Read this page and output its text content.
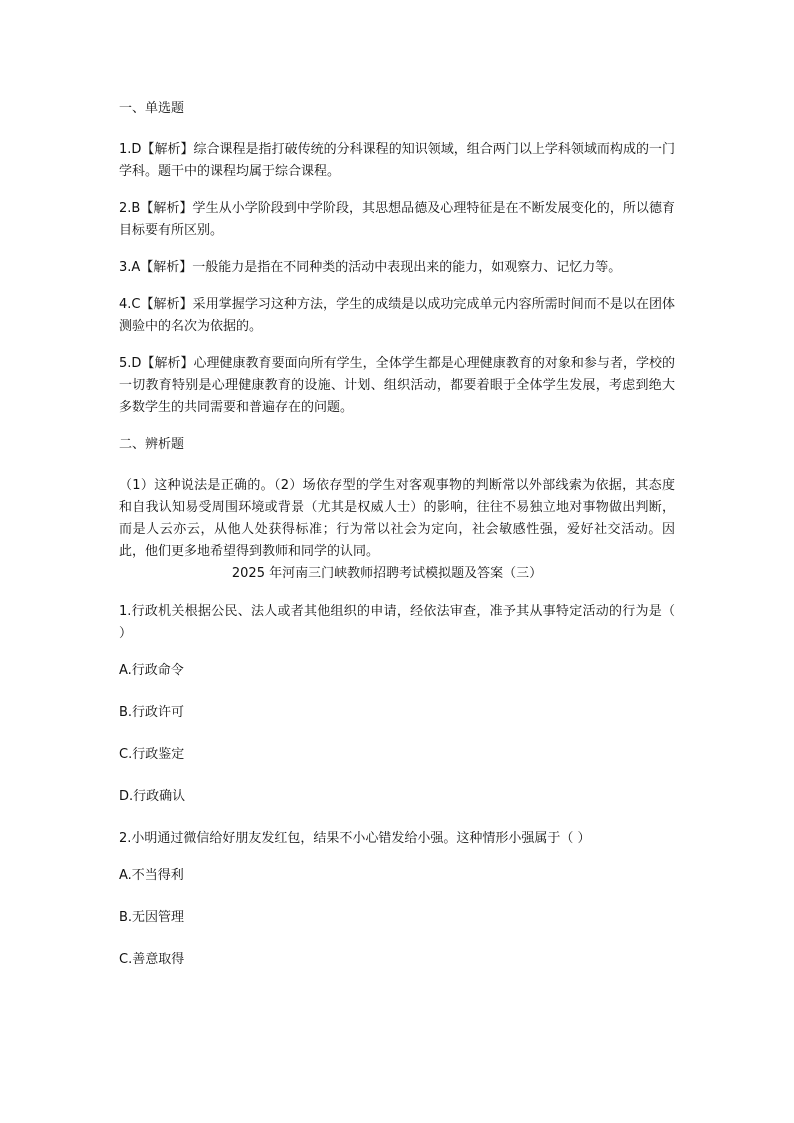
一、单选题

1.D【解析】综合课程是指打破传统的分科课程的知识领域，组合两门以上学科领域而构成的一门学科。题干中的课程均属于综合课程。

2.B【解析】学生从小学阶段到中学阶段，其思想品德及心理特征是在不断发展变化的，所以德育目标要有所区别。

3.A【解析】一般能力是指在不同种类的活动中表现出来的能力，如观察力、记忆力等。

4.C【解析】采用掌握学习这种方法，学生的成绩是以成功完成单元内容所需时间而不是以在团体测验中的名次为依据的。

5.D【解析】心理健康教育要面向所有学生，全体学生都是心理健康教育的对象和参与者，学校的一切教育特别是心理健康教育的设施、计划、组织活动，都要着眼于全体学生发展，考虑到绝大多数学生的共同需要和普遍存在的问题。

二、辨析题

（1）这种说法是正确的。（2）场依存型的学生对客观事物的判断常以外部线索为依据，其态度和自我认知易受周围环境或背景（尤其是权威人士）的影响，往往不易独立地对事物做出判断，而是人云亦云，从他人处获得标准；行为常以社会为定向，社会敏感性强，爱好社交活动。因此，他们更多地希望得到教师和同学的认同。

2025 年河南三门峡教师招聘考试模拟题及答案（三）

1.行政机关根据公民、法人或者其他组织的申请，经依法审查，准予其从事特定活动的行为是（ ）

A.行政命令

B.行政许可

C.行政鉴定

D.行政确认

2.小明通过微信给好朋友发红包，结果不小心错发给小强。这种情形小强属于（ ）

A.不当得利

B.无因管理

C.善意取得
